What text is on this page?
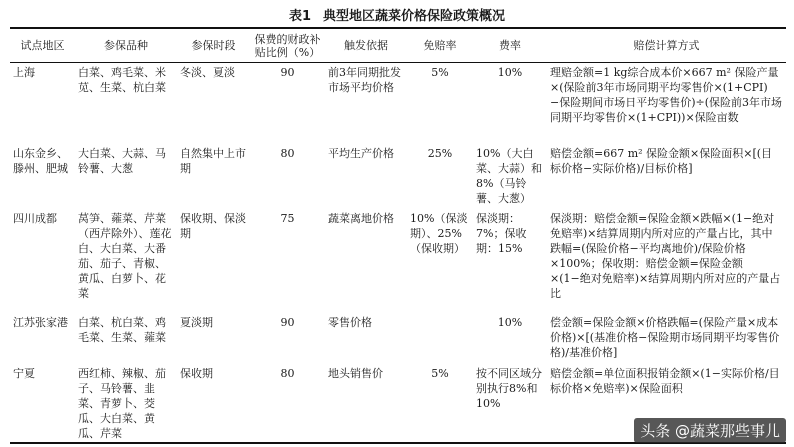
表1 典型地区蔬菜价格保险政策概况
试点地区	参保品种	参保时段	保费的财政补贴比例（%）	触发依据	免赔率	费率	赔偿计算方式
上海	白菜、鸡毛菜、米苋、生菜、杭白菜	冬淡、夏淡	90	前3年同期批发市场平均价格	5%	10%	理赔金额=1 kg综合成本价×667 m² 保险产量×(保险前3年市场同期平均零售价×(1+CPI)−保险期间市场日平均零售价)÷(保险前3年市场同期平均零售价×(1+CPI))×保险亩数
山东金乡、滕州、肥城	大白菜、大蒜、马铃薯、大葱	自然集中上市期	80	平均生产价格	25%	10%（大白菜、大蒜）和8%（马铃薯、大葱）	赔偿金额=667 m² 保险金额×保险面积×[(目标价格−实际价格)/目标价格]
四川成都	莴笋、蕹菜、芹菜（西芹除外）、莲花白、大白菜、大番茄、茄子、青椒、黄瓜、白萝卜、花菜	保收期、保淡期	75	蔬菜离地价格	10%（保淡期）、25%（保收期）	保淡期：7%；保收期：15%	保淡期：赔偿金额=保险金额×跌幅×(1−绝对免赔率)×结算周期内所对应的产量占比，其中跌幅=(保险价格−平均离地价)/保险价格×100%；保收期：赔偿金额=保险金额×(1−绝对免赔率)×结算周期内所对应的产量占比
江苏张家港	白菜、杭白菜、鸡毛菜、生菜、蕹菜	夏淡期	90	零售价格		10%	偿金额=保险金额×价格跌幅=(保险产量×成本价格)×[(基准价格−保险期市场同期平均零售价格)/基准价格]
宁夏	西红柿、辣椒、茄子、马铃薯、韭菜、青萝卜、茭瓜、大白菜、黄瓜、芹菜	保收期	80	地头销售价	5%	按不同区域分别执行8%和10%	赔偿金额=单位面积报销金额×(1−实际价格/目标价格×免赔率)×保险面积
头条 @蔬菜那些事儿
